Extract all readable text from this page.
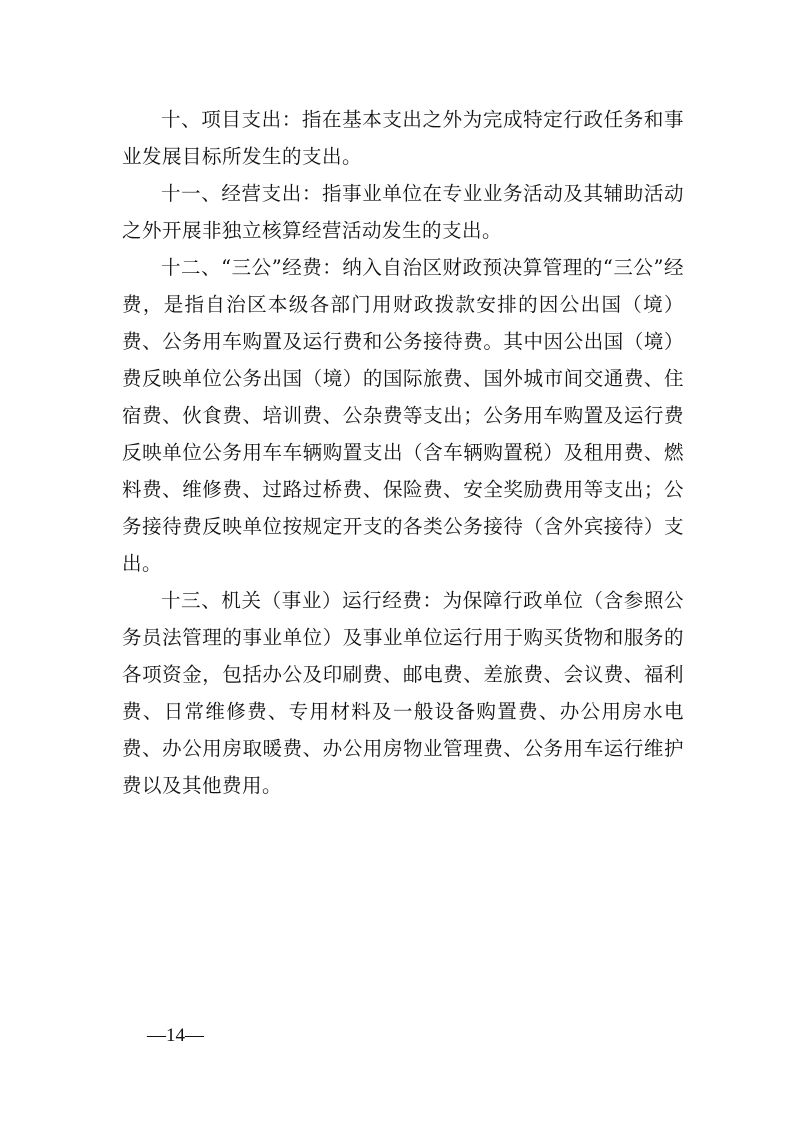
十、项目支出：指在基本支出之外为完成特定行政任务和事业发展目标所发生的支出。

十一、经营支出：指事业单位在专业业务活动及其辅助活动之外开展非独立核算经营活动发生的支出。

十二、“三公”经费：纳入自治区财政预决算管理的“三公”经费，是指自治区本级各部门用财政拨款安排的因公出国（境）费、公务用车购置及运行费和公务接待费。其中因公出国（境）费反映单位公务出国（境）的国际旅费、国外城市间交通费、住宿费、伙食费、培训费、公杂费等支出；公务用车购置及运行费反映单位公务用车车辆购置支出（含车辆购置税）及租用费、燃料费、维修费、过路过桥费、保险费、安全奖励费用等支出；公务接待费反映单位按规定开支的各类公务接待（含外宾接待）支出。

十三、机关（事业）运行经费：为保障行政单位（含参照公务员法管理的事业单位）及事业单位运行用于购买货物和服务的各项资金，包括办公及印刷费、邮电费、差旅费、会议费、福利费、日常维修费、专用材料及一般设备购置费、办公用房水电费、办公用房取暖费、办公用房物业管理费、公务用车运行维护费以及其他费用。

—14—
